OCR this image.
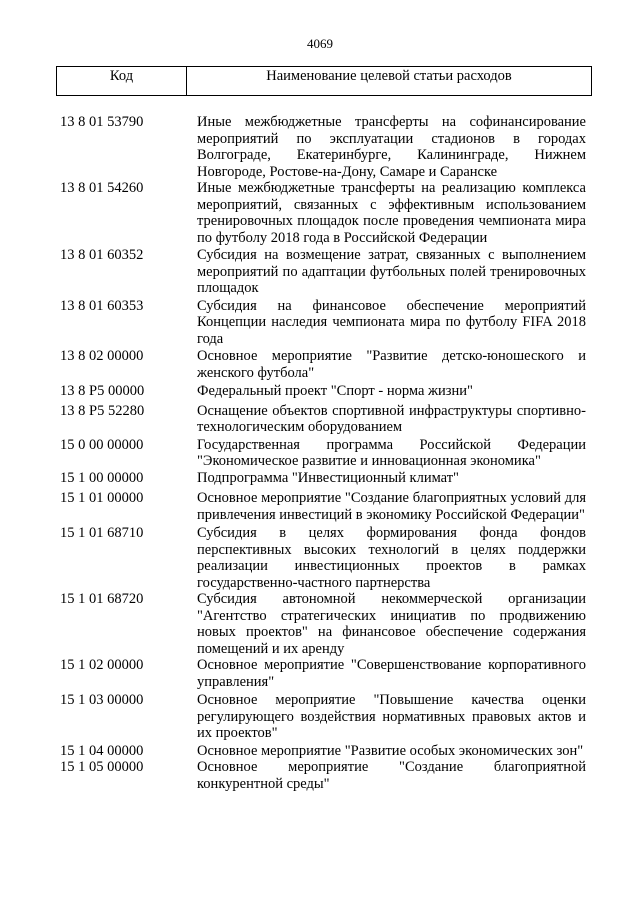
4069
Код	Наименование целевой статьи расходов
13 8 01 53790	Иные межбюджетные трансферты на софинансирование мероприятий по эксплуатации стадионов в городах Волгограде, Екатеринбурге, Калининграде, Нижнем Новгороде, Ростове-на-Дону, Самаре и Саранске
13 8 01 54260	Иные межбюджетные трансферты на реализацию комплекса мероприятий, связанных с эффективным использованием тренировочных площадок после проведения чемпионата мира по футболу 2018 года в Российской Федерации
13 8 01 60352	Субсидия на возмещение затрат, связанных с выполнением мероприятий по адаптации футбольных полей тренировочных площадок
13 8 01 60353	Субсидия на финансовое обеспечение мероприятий Концепции наследия чемпионата мира по футболу FIFA 2018 года
13 8 02 00000	Основное мероприятие "Развитие детско-юношеского и женского футбола"
13 8 P5 00000	Федеральный проект "Спорт - норма жизни"
13 8 P5 52280	Оснащение объектов спортивной инфраструктуры спортивно-технологическим оборудованием
15 0 00 00000	Государственная программа Российской Федерации "Экономическое развитие и инновационная экономика"
15 1 00 00000	Подпрограмма "Инвестиционный климат"
15 1 01 00000	Основное мероприятие "Создание благоприятных условий для привлечения инвестиций в экономику Российской Федерации"
15 1 01 68710	Субсидия в целях формирования фонда фондов перспективных высоких технологий в целях поддержки реализации инвестиционных проектов в рамках государственно-частного партнерства
15 1 01 68720	Субсидия автономной некоммерческой организации "Агентство стратегических инициатив по продвижению новых проектов" на финансовое обеспечение содержания помещений и их аренду
15 1 02 00000	Основное мероприятие "Совершенствование корпоративного управления"
15 1 03 00000	Основное мероприятие "Повышение качества оценки регулирующего воздействия нормативных правовых актов и их проектов"
15 1 04 00000	Основное мероприятие "Развитие особых экономических зон"
15 1 05 00000	Основное мероприятие "Создание благоприятной конкурентной среды"
